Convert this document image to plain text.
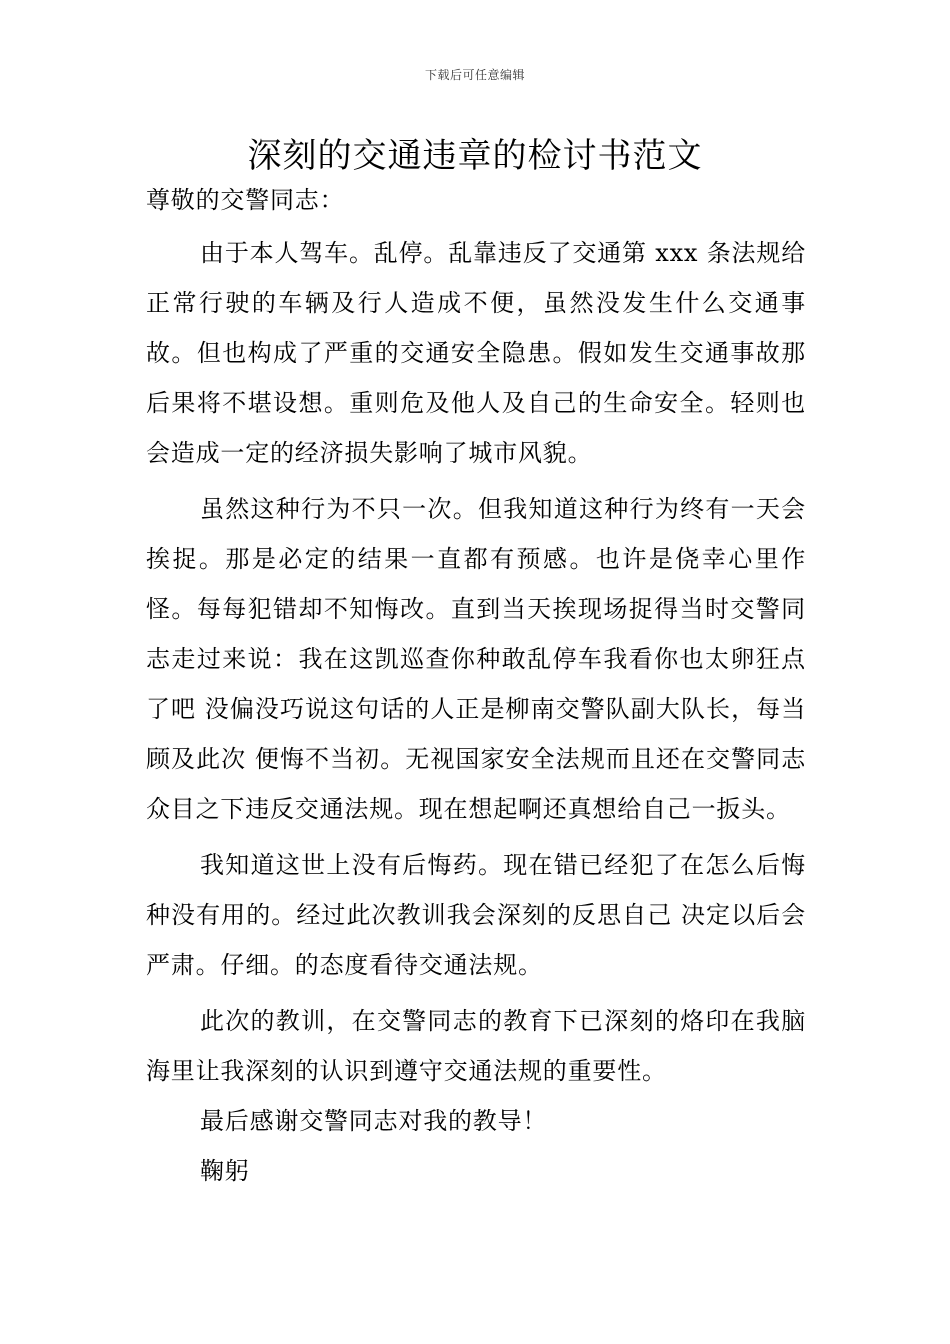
下载后可任意编辑
深刻的交通违章的检讨书范文

尊敬的交警同志：

由于本人驾车。乱停。乱靠违反了交通第 xxx 条法规给正常行驶的车辆及行人造成不便，虽然没发生什么交通事故。但也构成了严重的交通安全隐患。假如发生交通事故那后果将不堪设想。重则危及他人及自己的生命安全。轻则也会造成一定的经济损失影响了城市风貌。

虽然这种行为不只一次。但我知道这种行为终有一天会挨捉。那是必定的结果一直都有预感。也许是侥幸心里作怪。每每犯错却不知悔改。直到当天挨现场捉得当时交警同志走过来说：我在这凯巡查你种敢乱停车我看你也太卵狂点了吧 没偏没巧说这句话的人正是柳南交警队副大队长，每当顾及此次 便悔不当初。无视国家安全法规而且还在交警同志众目之下违反交通法规。现在想起啊还真想给自己一扳头。

我知道这世上没有后悔药。现在错已经犯了在怎么后悔种没有用的。经过此次教训我会深刻的反思自己 决定以后会严肃。仔细。的态度看待交通法规。

此次的教训，在交警同志的教育下已深刻的烙印在我脑海里让我深刻的认识到遵守交通法规的重要性。

最后感谢交警同志对我的教导！

鞠躬
